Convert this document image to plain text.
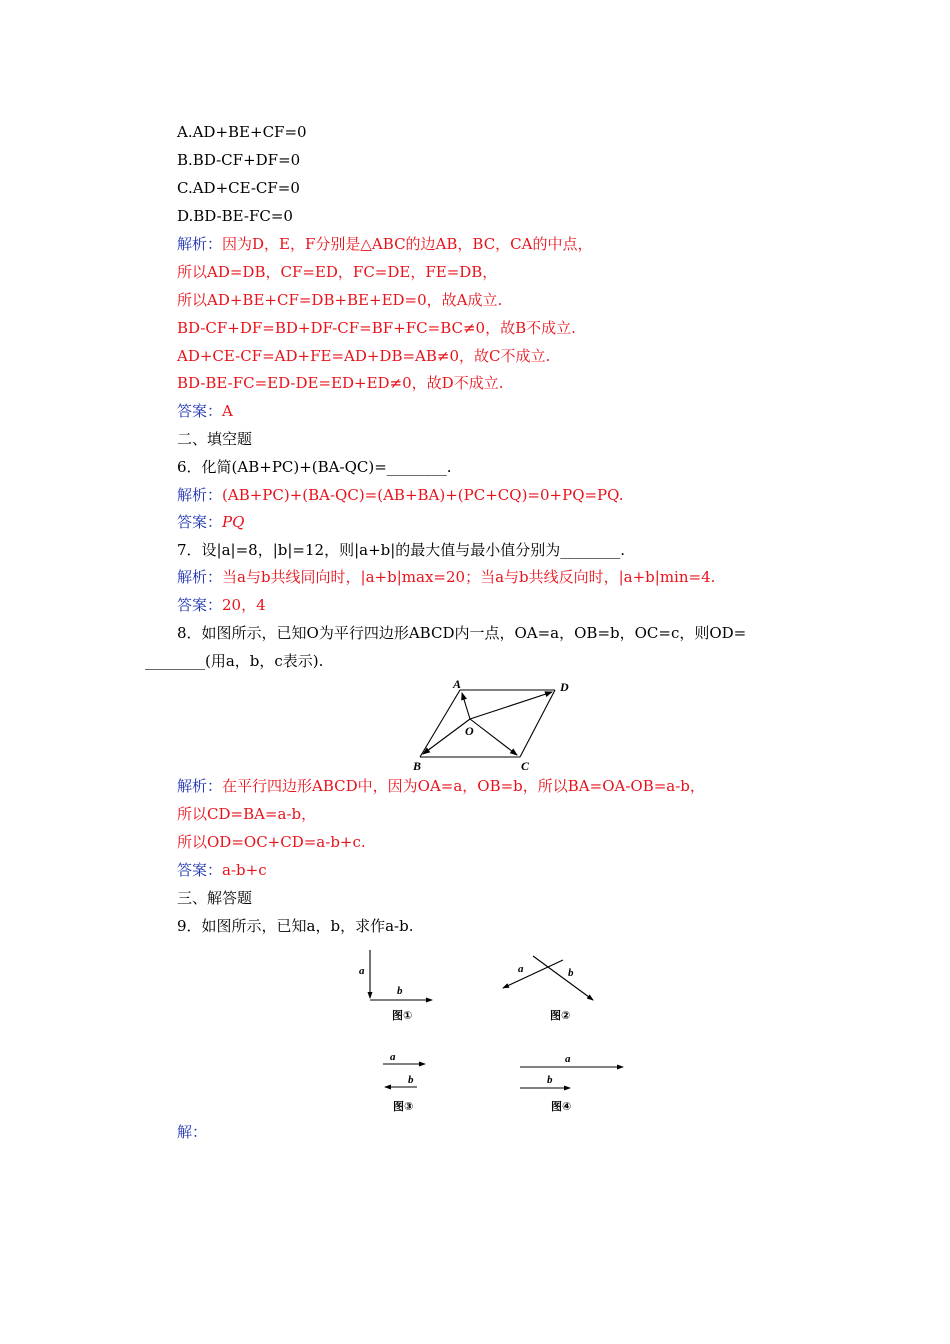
A.AD+BE+CF=0
B.BD-CF+DF=0
C.AD+CE-CF=0
D.BD-BE-FC=0
解析：因为D，E，F分别是△ABC的边AB，BC，CA的中点，
所以AD=DB，CF=ED，FC=DE，FE=DB，
所以AD+BE+CF=DB+BE+ED=0，故A成立.
BD-CF+DF=BD+DF-CF=BF+FC=BC≠0，故B不成立.
AD+CE-CF=AD+FE=AD+DB=AB≠0，故C不成立.
BD-BE-FC=ED-DE=ED+ED≠0，故D不成立.
答案：A
二、填空题
6．化简(AB+PC)+(BA-QC)=________.
解析：(AB+PC)+(BA-QC)=(AB+BA)+(PC+CQ)=0+PQ=PQ.
答案：PQ
7．设|a|=8，|b|=12，则|a+b|的最大值与最小值分别为________.
解析：当a与b共线同向时，|a+b|max=20；当a与b共线反向时，|a+b|min=4.
答案：20，4
8．如图所示，已知O为平行四边形ABCD内一点，OA=a，OB=b，OC=c，则OD=
________(用a，b，c表示).
A	D
B	C
O
解析：在平行四边形ABCD中，因为OA=a，OB=b，所以BA=OA-OB=a-b，
所以CD=BA=a-b，
所以OD=OC+CD=a-b+c.
答案：a-b+c
三、解答题
9．如图所示，已知a，b，求作a-b.
a
b
图①
a	b
图②
a
b
图③
a
b
图④
解：
